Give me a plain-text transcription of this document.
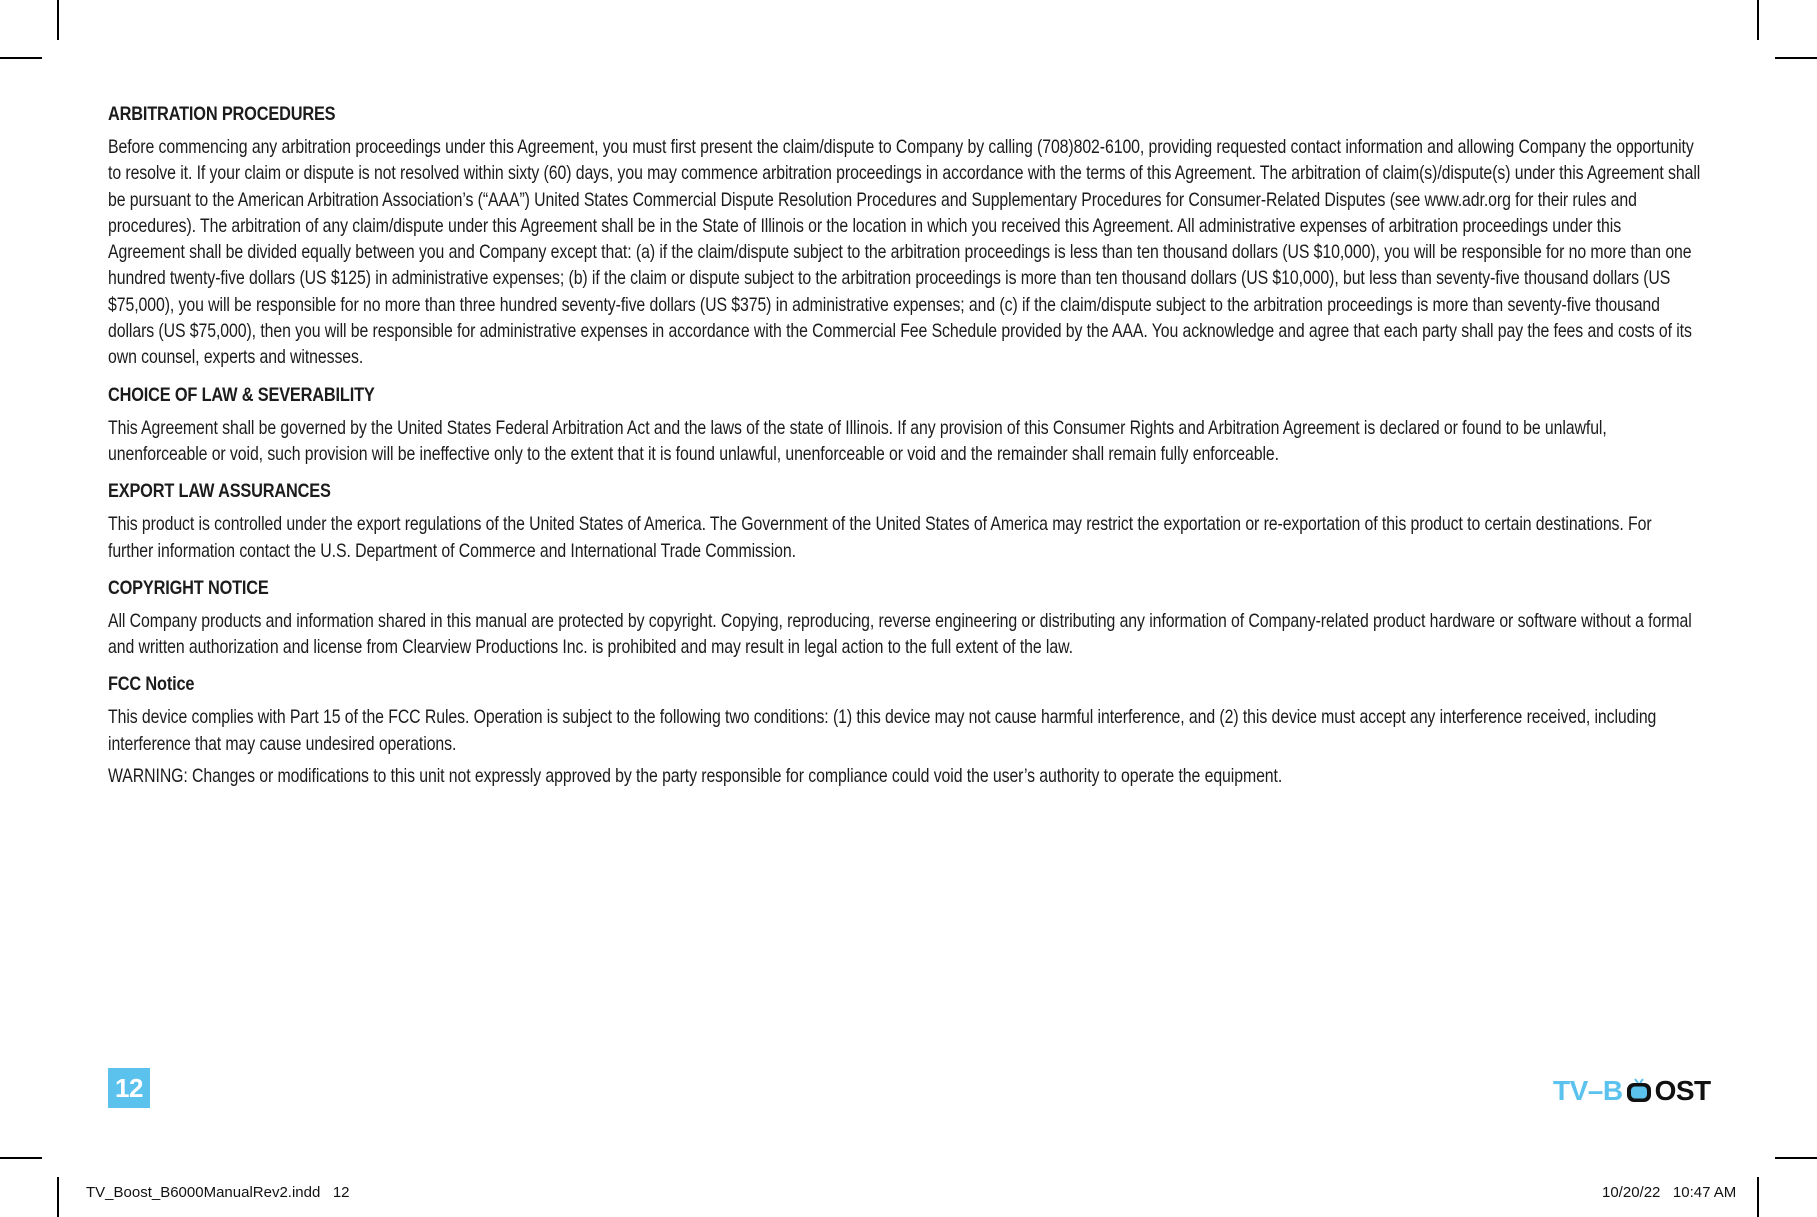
ARBITRATION PROCEDURES

Before commencing any arbitration proceedings under this Agreement, you must first present the claim/dispute to Company by calling (708)802-6100, providing requested contact information and allowing Company the opportunity to resolve it. If your claim or dispute is not resolved within sixty (60) days, you may commence arbitration proceedings in accordance with the terms of this Agreement. The arbitration of claim(s)/dispute(s) under this Agreement shall be pursuant to the American Arbitration Association’s (“AAA”) United States Commercial Dispute Resolution Procedures and Supplementary Procedures for Consumer-Related Disputes (see www.adr.org for their rules and procedures). The arbitration of any claim/dispute under this Agreement shall be in the State of Illinois or the location in which you received this Agreement. All administrative expenses of arbitration proceedings under this Agreement shall be divided equally between you and Company except that: (a) if the claim/dispute subject to the arbitration proceedings is less than ten thousand dollars (US $10,000), you will be responsible for no more than one hundred twenty-five dollars (US $125) in administrative expenses; (b) if the claim or dispute subject to the arbitration proceedings is more than ten thousand dollars (US $10,000), but less than seventy-five thousand dollars (US $75,000), you will be responsible for no more than three hundred seventy-five dollars (US $375) in administrative expenses; and (c) if the claim/dispute subject to the arbitration proceedings is more than seventy-five thousand dollars (US $75,000), then you will be responsible for administrative expenses in accordance with the Commercial Fee Schedule provided by the AAA. You acknowledge and agree that each party shall pay the fees and costs of its own counsel, experts and witnesses.

CHOICE OF LAW & SEVERABILITY

This Agreement shall be governed by the United States Federal Arbitration Act and the laws of the state of Illinois. If any provision of this Consumer Rights and Arbitration Agreement is declared or found to be unlawful, unenforceable or void, such provision will be ineffective only to the extent that it is found unlawful, unenforceable or void and the remainder shall remain fully enforceable.

EXPORT LAW ASSURANCES

This product is controlled under the export regulations of the United States of America. The Government of the United States of America may restrict the exportation or re-exportation of this product to certain destinations. For further information contact the U.S. Department of Commerce and International Trade Commission.

COPYRIGHT NOTICE

All Company products and information shared in this manual are protected by copyright. Copying, reproducing, reverse engineering or distributing any information of Company-related product hardware or software without a formal and written authorization and license from Clearview Productions Inc. is prohibited and may result in legal action to the full extent of the law.

FCC Notice

This device complies with Part 15 of the FCC Rules. Operation is subject to the following two conditions: (1) this device may not cause harmful interference, and (2) this device must accept any interference received, including interference that may cause undesired operations.

WARNING: Changes or modifications to this unit not expressly approved by the party responsible for compliance could void the user’s authority to operate the equipment.

12	TV–B OST
TV_Boost_B6000ManualRev2.indd   12	10/20/22   10:47 AM
